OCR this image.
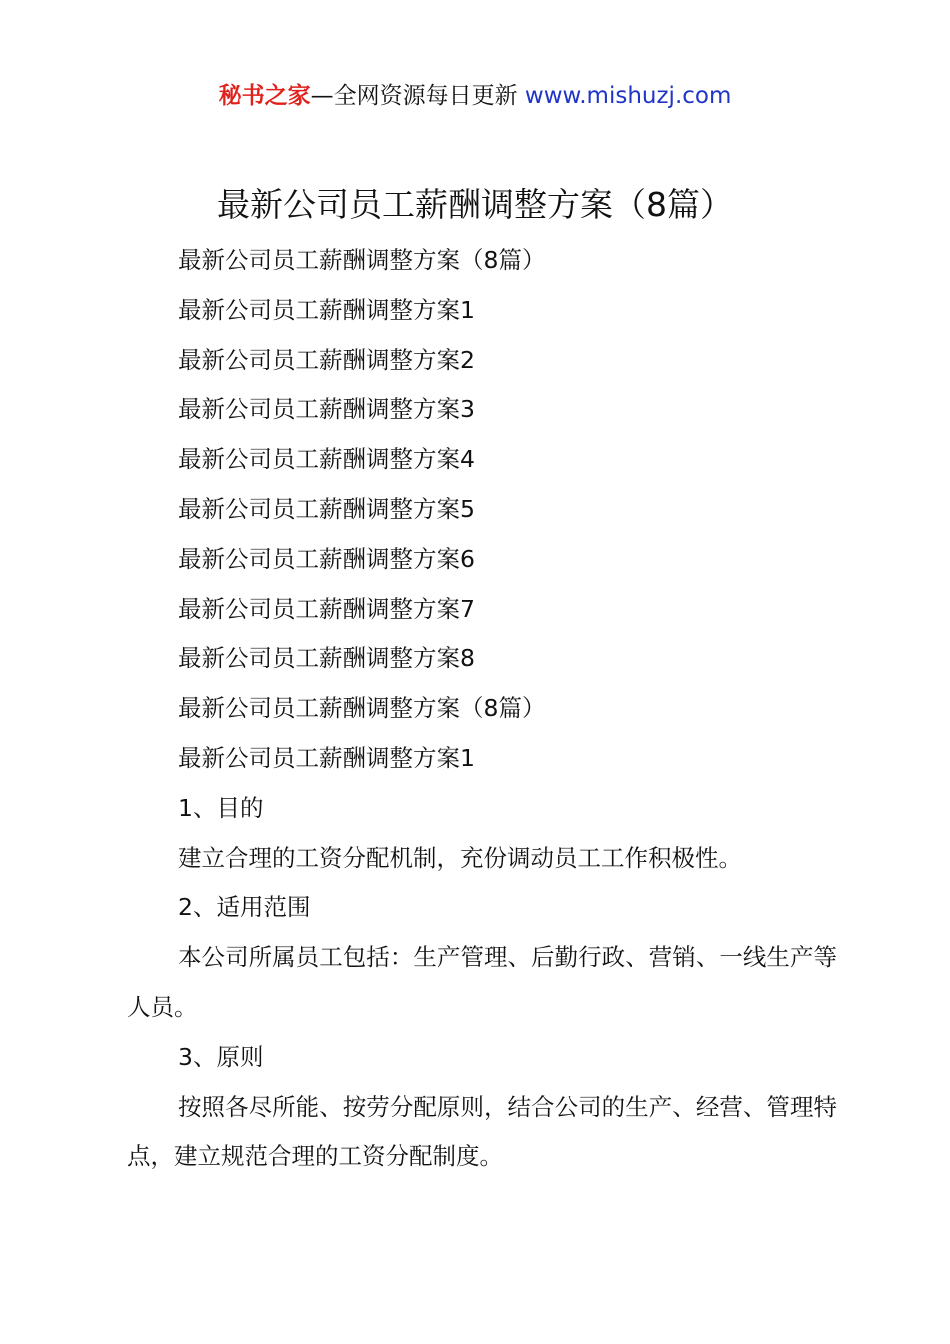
秘书之家—全网资源每日更新 www.mishuzj.com
最新公司员工薪酬调整方案（8篇）

最新公司员工薪酬调整方案（8篇）

最新公司员工薪酬调整方案1

最新公司员工薪酬调整方案2

最新公司员工薪酬调整方案3

最新公司员工薪酬调整方案4

最新公司员工薪酬调整方案5

最新公司员工薪酬调整方案6

最新公司员工薪酬调整方案7

最新公司员工薪酬调整方案8

最新公司员工薪酬调整方案（8篇）

最新公司员工薪酬调整方案1

1、目的

建立合理的工资分配机制，充份调动员工工作积极性。

2、适用范围

本公司所属员工包括：生产管理、后勤行政、营销、一线生产等人员。

3、原则

按照各尽所能、按劳分配原则，结合公司的生产、经营、管理特点，建立规范合理的工资分配制度。
